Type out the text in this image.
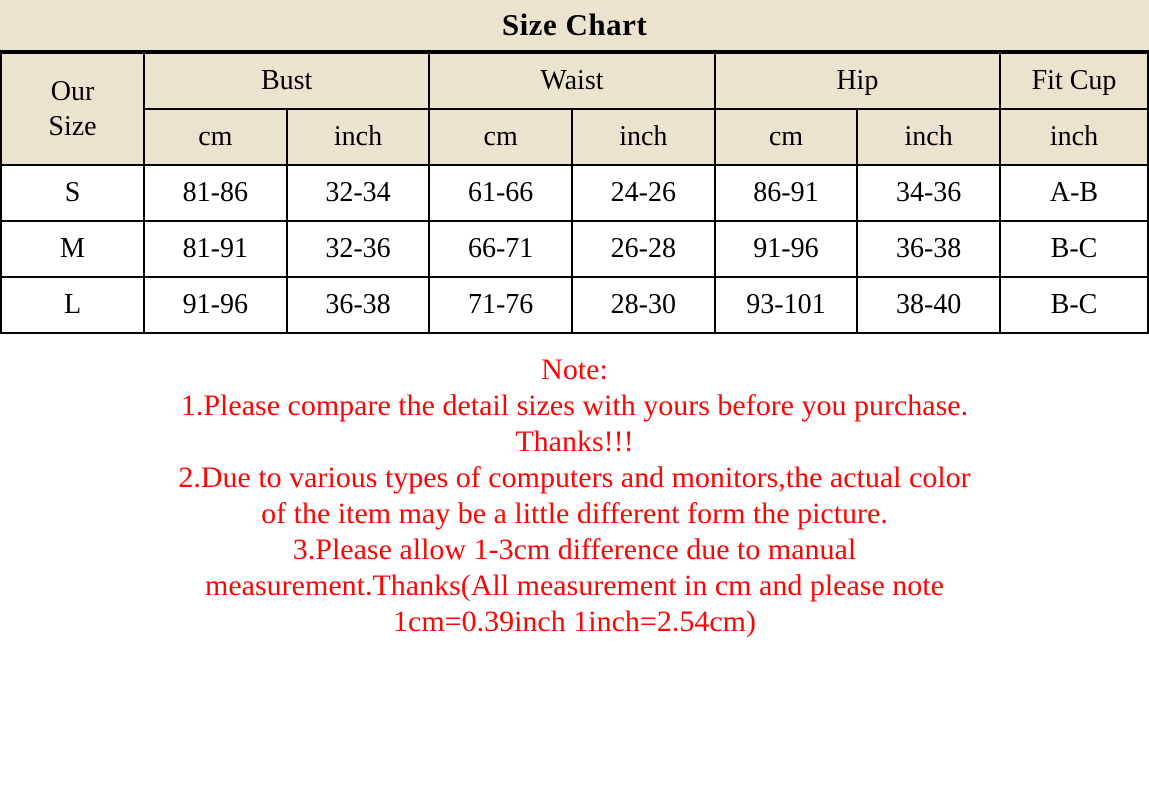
Size Chart
Our
Size	Bust		Waist		Hip		Fit Cup
	cm	inch	cm	inch	cm	inch	inch
S	81-86	32-34	61-66	24-26	86-91	34-36	A-B
M	81-91	32-36	66-71	26-28	91-96	36-38	B-C
L	91-96	36-38	71-76	28-30	93-101	38-40	B-C
Note:
1.Please compare the detail sizes with yours before you purchase.
Thanks!!!
2.Due to various types of computers and monitors,the actual color
of the item may be a little different form the picture.
3.Please allow 1-3cm difference due to manual
measurement.Thanks(All measurement in cm and please note
1cm=0.39inch 1inch=2.54cm)
